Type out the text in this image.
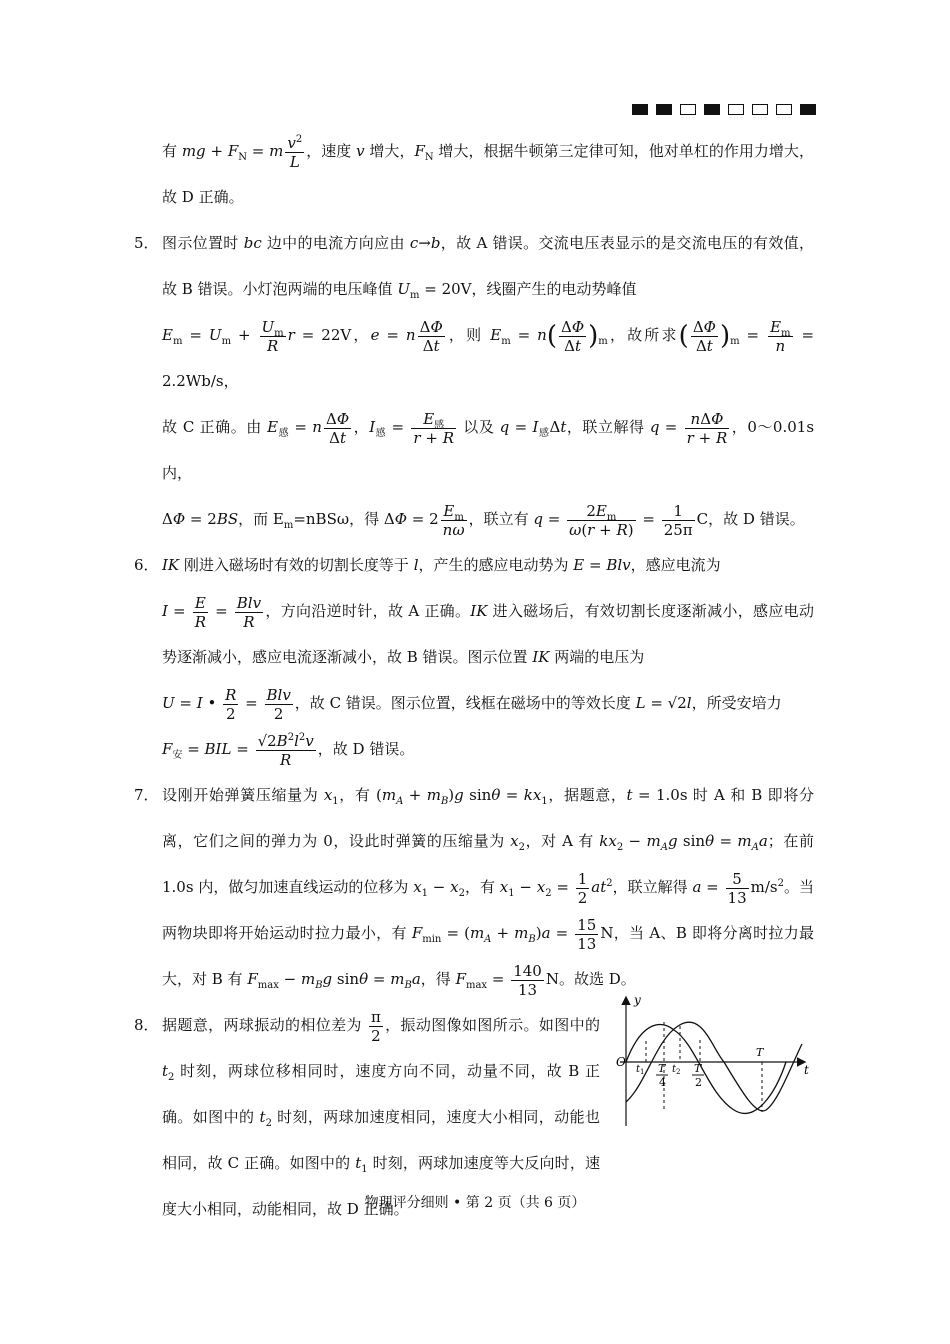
有 mg + $F_N = m \frac{v^2}{L}$ ，速度 v 增大，$F_N$ 增大，根据牛顿第三定律可知，他对单杠的作用力增大，故 D 正确。

5． 图示位置时 bc 边中的电流方向应由 c→b，故 A 错误。交流电压表显示的是交流电压的有效值，故 B 错误。小灯泡两端的电压峰值 $U_m = 20V$，线圈产生的电动势峰值
$E_m = U_m + \frac{U_m}{R}$ r = 22V，e = n $\frac{\Delta\Phi}{\Delta t}$ ，则 $E_m = n( \frac{\Delta\Phi}{\Delta t} )_m$，故所求( $\frac{\Delta\Phi}{\Delta t} )_m = \frac{E_m}{n} = 2.2Wb/s$，
故 C 正确。由 $E_感 = n \frac{\Delta\Phi}{\Delta t}$ ，$I_感 = E_感$
r + R
以及 $q = I_感\Delta t$，联立解得 q = nΔΦ
r + R
，0～0.01s 内，
ΔΦ = 2BS，而 $E_m=nBS\omega$，得 $\Delta\Phi = 2 \frac{E_m}{n\omega}$ ，联立有 $q = \frac{2E_m}{\omega(r + R)} = \frac{1}{25\pi}$ C，故 D 错误。

6． IK 刚进入磁场时有效的切割长度等于 l，产生的感应电动势为 E = Blv，感应电流为
$I = \frac{E}{R}$ = Blv
R
，方向沿逆时针，故 A 正确。IK 进入磁场后，有效切割长度逐渐减小，感应电动势逐渐减小，感应电流逐渐减小，故 B 错误。图示位置 IK 两端的电压为
U = I • $\frac{R}{2}$ = Blv
2
，故 C 错误。图示位置，线框在磁场中的等效长度 L = √2l，所受安培力
$F_安$ = BIL = $\frac{√2B^2l^2v}{R}$ ，故 D 错误。

7． 设刚开始弹簧压缩量为 $x_1$，有 $(m_A + m_B)g$ $\sin\theta = kx_1$，据题意，t = 1.0s 时 A 和 B 即将分离，它们之间的弹力为 0，设此时弹簧的压缩量为 $x_2$，对 A 有 $kx_2 - m_Ag$ $\sin\theta = m_Aa$；在前 1.0s 内，做匀加速直线运动的位移为 $x_1 - x_2$，有 $x_1 - x_2 = \frac{1}{2} at^2$，联立解得 $a = \frac{5}{13} m/s^2$。当两物块即将开始运动时拉力最小，有 $F_{min} = (m_A + m_B)a = \frac{15}{13}$ N，当 A、B 即将分离时拉力最大，对 B 有 $F_{max} - m_Bg$ $\sin\theta = m_Ba$，得 $F_{max} = \frac{140}{13}$ N。故选 D。

8． 据题意，两球振动的相位差为 $\frac{\pi}{2}$ ，振动图像如图所示。如图中的 $t_2$ 时刻，两球位移相同时，速度方向不同，动量不同，故 B 正确。如图中的 $t_2$ 时刻，两球加速度相同，速度大小相同，动能也相同，故 C 正确。如图中的 $t_1$ 时刻，两球加速度等大反向时，速度大小相同，动能相同，故 D 正确。

y
t
O
t 1	t 2
T
4
T
2
T
物理评分细则 • 第 2 页（共 6 页）
